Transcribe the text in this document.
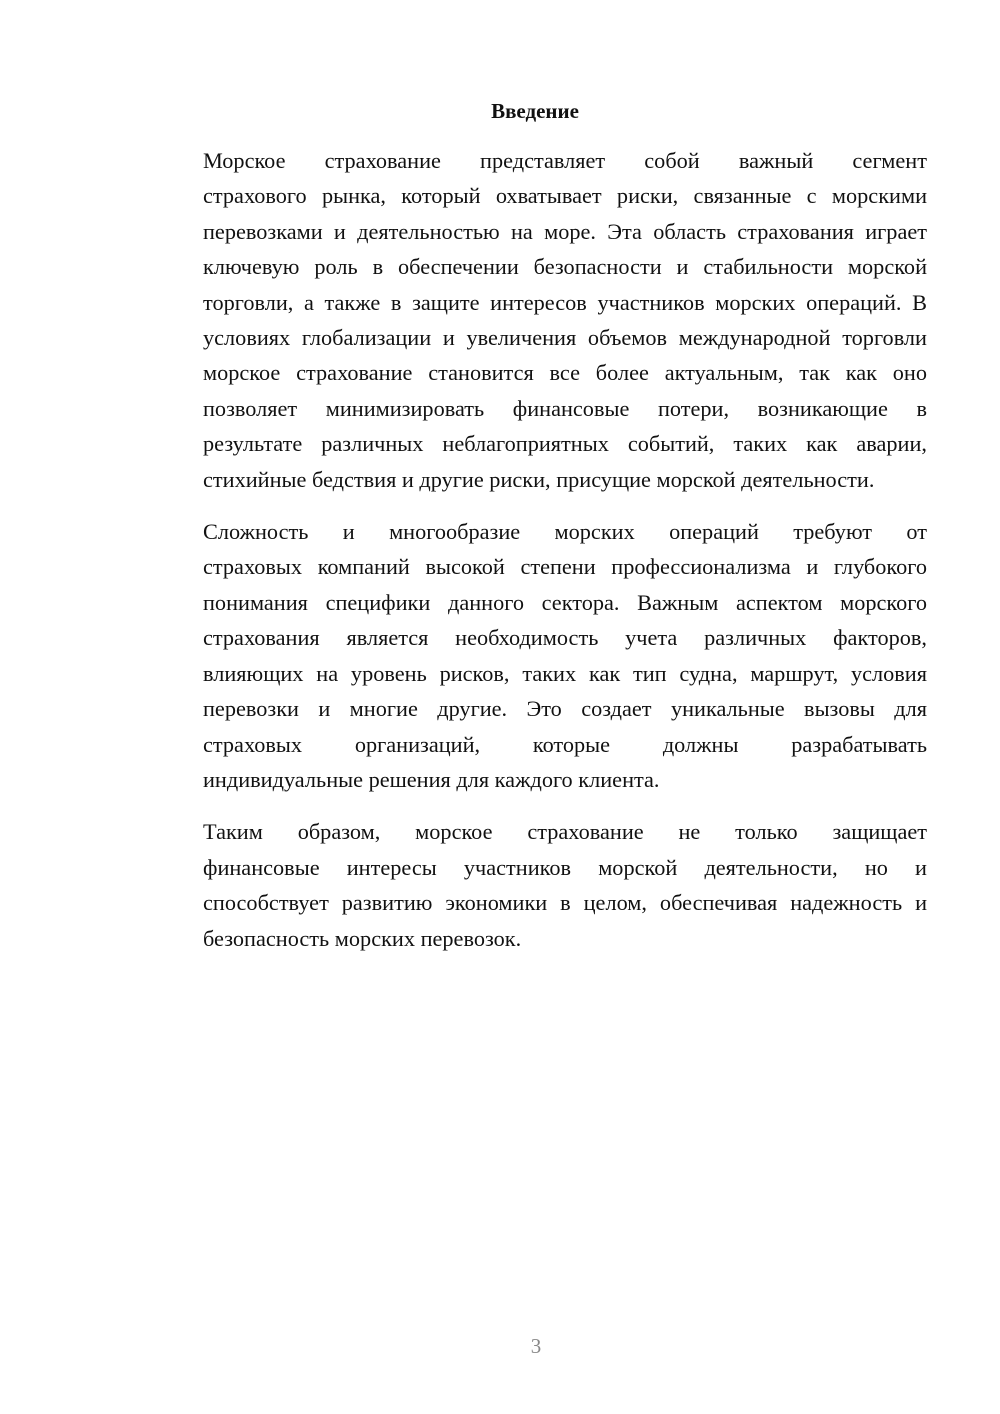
Введение

Морское страхование представляет собой важный сегмент
страхового рынка, который охватывает риски, связанные с морскими
перевозками и деятельностью на море. Эта область страхования играет
ключевую роль в обеспечении безопасности и стабильности морской
торговли, а также в защите интересов участников морских операций. В
условиях глобализации и увеличения объемов международной торговли
морское страхование становится все более актуальным, так как оно
позволяет минимизировать финансовые потери, возникающие в
результате различных неблагоприятных событий, таких как аварии,
стихийные бедствия и другие риски, присущие морской деятельности.

Сложность и многообразие морских операций требуют от
страховых компаний высокой степени профессионализма и глубокого
понимания специфики данного сектора. Важным аспектом морского
страхования является необходимость учета различных факторов,
влияющих на уровень рисков, таких как тип судна, маршрут, условия
перевозки и многие другие. Это создает уникальные вызовы для
страховых организаций, которые должны разрабатывать
индивидуальные решения для каждого клиента.

Таким образом, морское страхование не только защищает
финансовые интересы участников морской деятельности, но и
способствует развитию экономики в целом, обеспечивая надежность и
безопасность морских перевозок.

3
